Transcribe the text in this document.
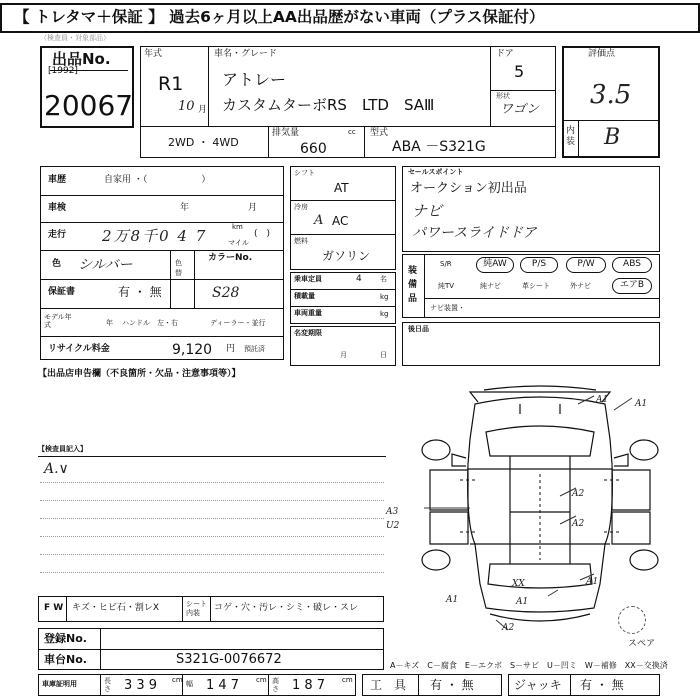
【 トレタマ＋保証 】 過去6ヶ月以上AA出品歴がない車両（プラス保証付）
（検査員・対象部品）
出品No.
[1992]
20067
年式
R1
10 月
車名・グレード
アトレー
カスタムターボRS　LTD　SAⅢ
ドア
5
形状
ワゴン
2WD ・ 4WD
排気量	cc
660
型式
ABA －S321G
評価点
3.5
内装 B
車歴	自家用 ・（　　　　　　）
車検	年	月
走行 2万8千0 4 7	km
マイル
(　)
色 シルバー	色替
カラーNo.
S28
保証書	有 ・ 無
モデル年式	年 ハンドル　左・右	ディーラー・並行
リサイクル料金	9,120 円 預託済
シフト
AT
冷房
A AC
燃料
ガソリン
乗車定員	4	名
積載量	kg
車両重量	kg
名変期限
月	日
セールスポイント
オークション初出品
ナビ
パワースライドドア
装備品
S/R	純AW	P/S	P/W	ABS
純TV	純ナビ	革シート	外ナビ	エアB
ナビ装置・
後日品
【出品店申告欄（不良箇所・欠品・注意事項等）】
【検査員記入】
A.∨
A1	A1
A2
A2
A3
U2
A1
XX
A1
A2
A1
スペア
F W キズ・ヒビ石・割レX	シート内装	コゲ・穴・汚レ・シミ・破レ・スレ
登録No.
車台No.	S321G-0076672	A－キズ　C－腐食　E－エクボ　S－サビ　U－凹ミ　W－補修　XX－交換済
車庫証明用	長さ 3 3 9 cm 幅 1 4 7 cm 高さ 1 8 7 cm 工　具 有 ・ 無	ジャッキ 有 ・ 無
